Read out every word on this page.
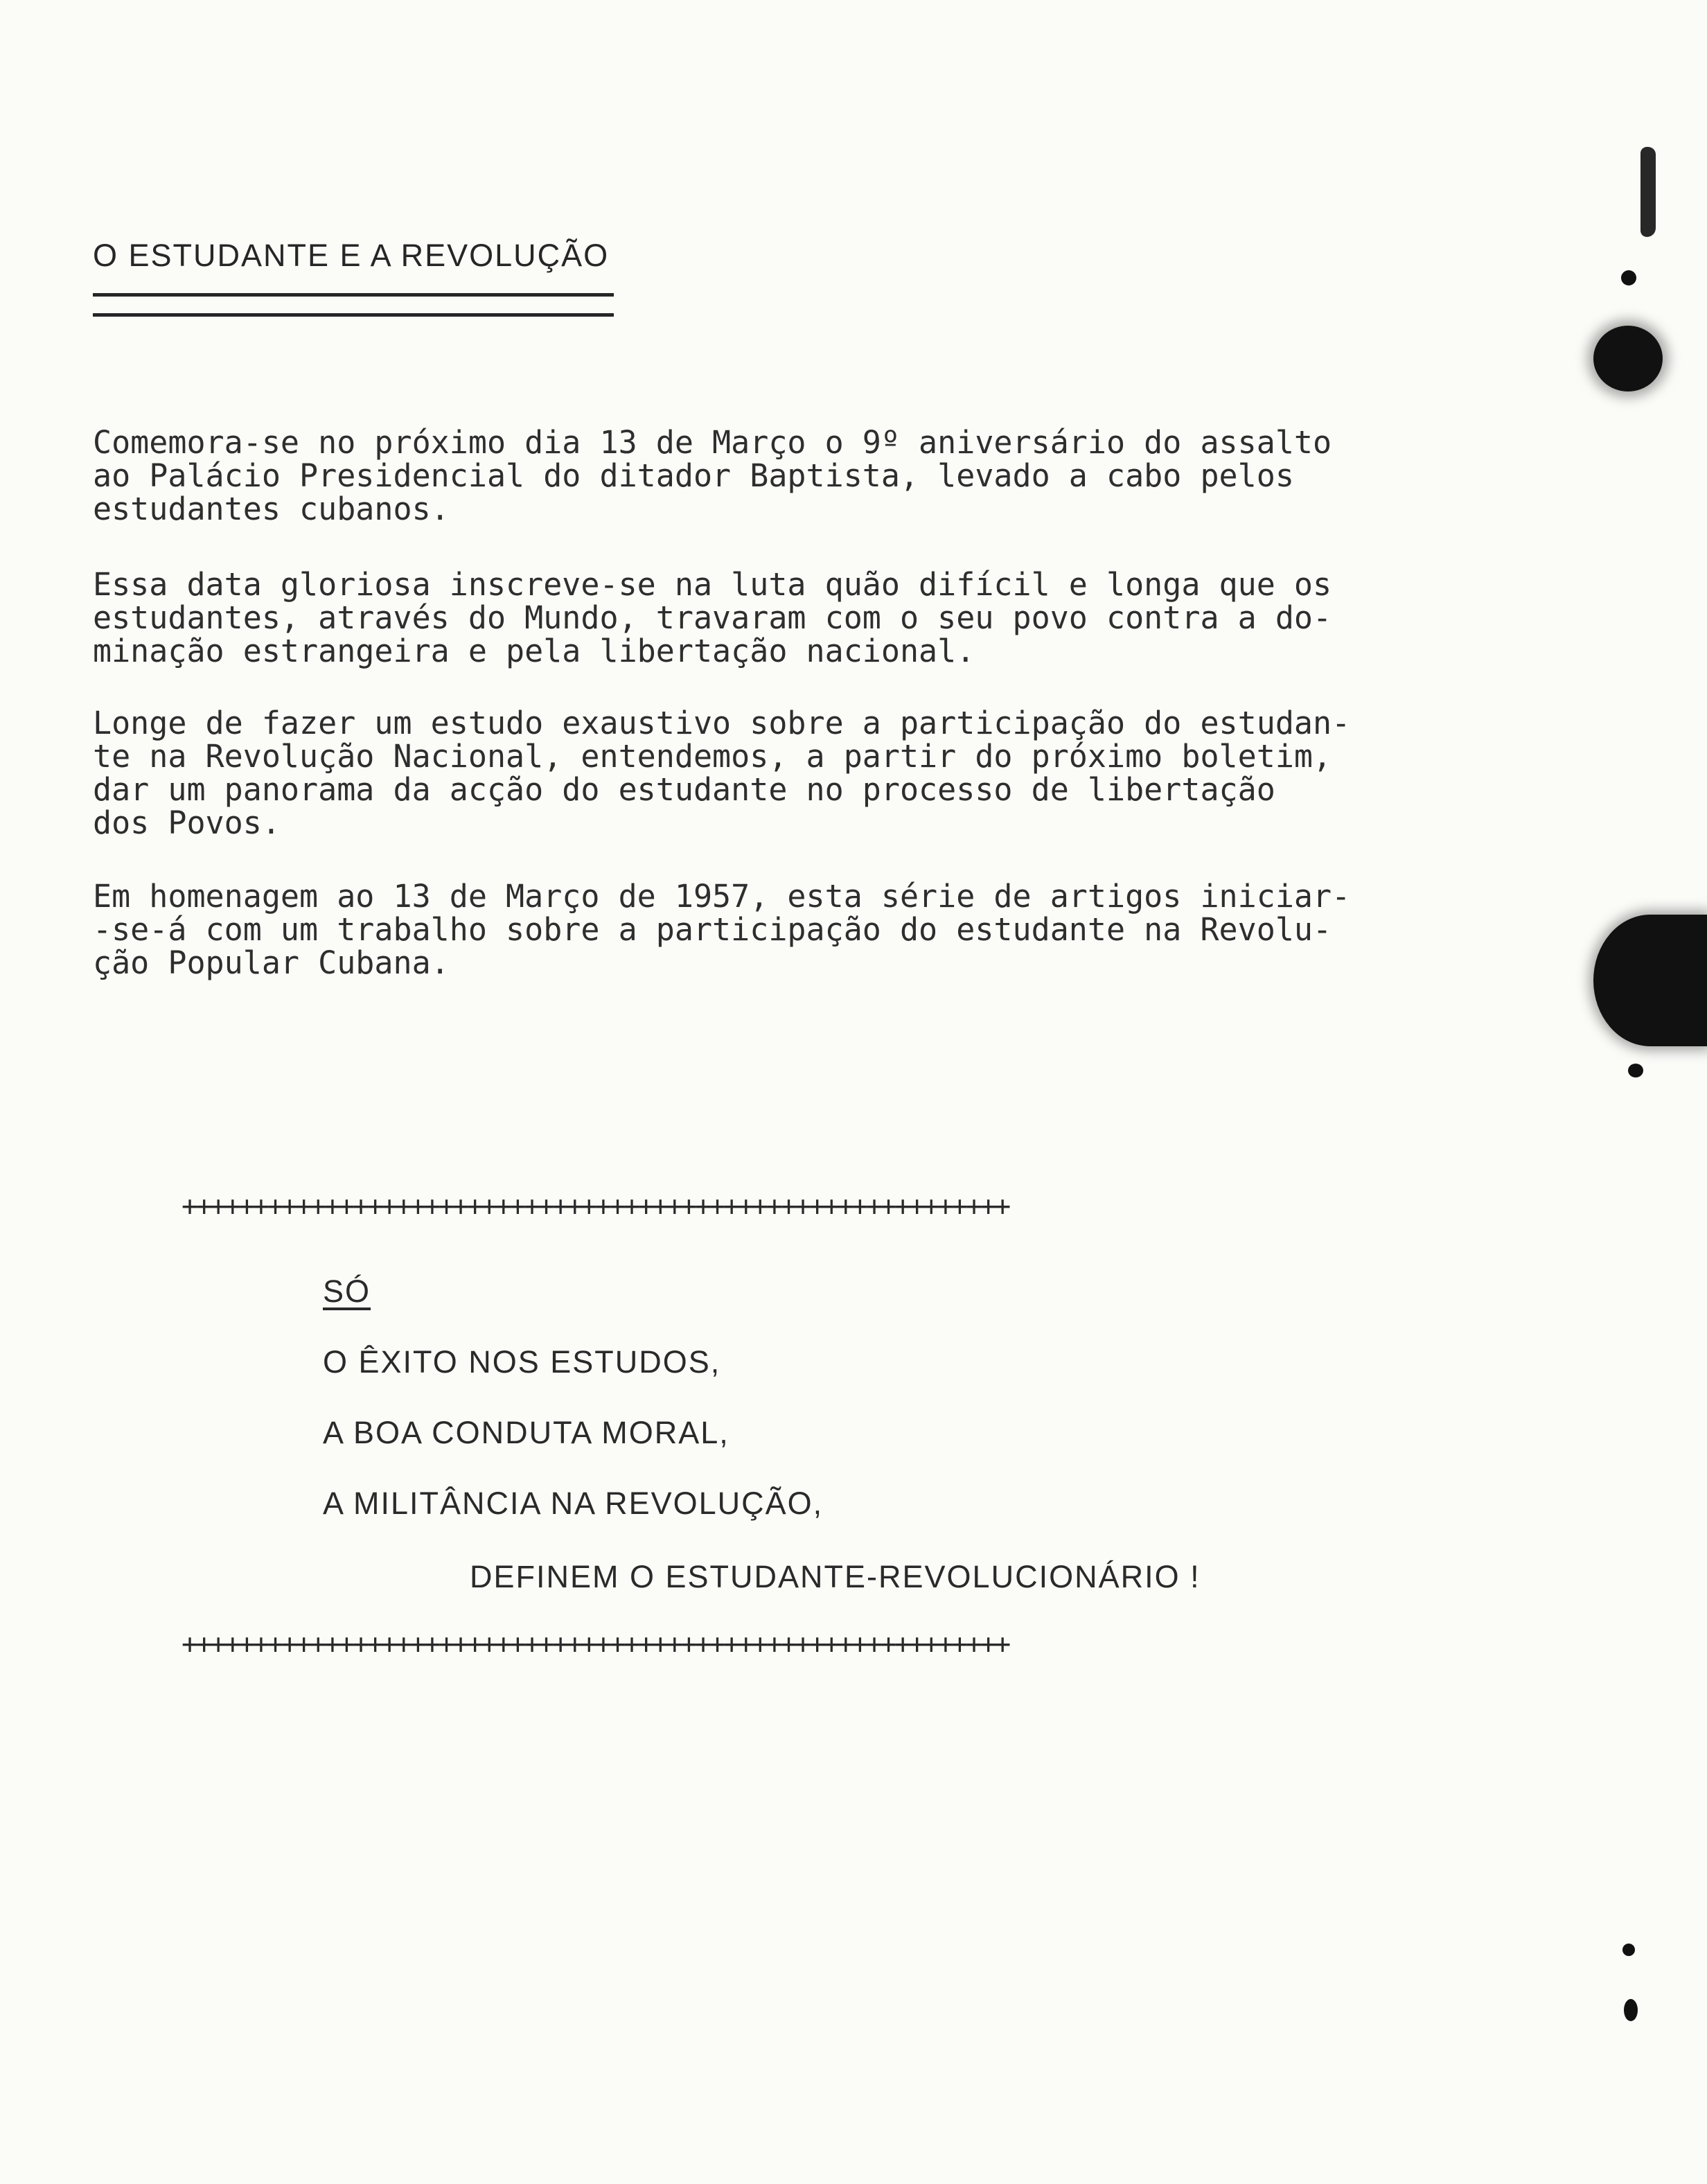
O ESTUDANTE E A REVOLUÇÃO
Comemora-se no próximo dia 13 de Março o 9º aniversário do assalto
ao Palácio Presidencial do ditador Baptista, levado a cabo pelos
estudantes cubanos.
Essa data gloriosa inscreve-se na luta quão difícil e longa que os
estudantes, através do Mundo, travaram com o seu povo contra a do-
minação estrangeira e pela libertação nacional.
Longe de fazer um estudo exaustivo sobre a participação do estudan-
te na Revolução Nacional, entendemos, a partir do próximo boletim,
dar um panorama da acção do estudante no processo de libertação
dos Povos.
Em homenagem ao 13 de Março de 1957, esta série de artigos iniciar-
-se-á com um trabalho sobre a participação do estudante na Revolu-
ção Popular Cubana.
++++++++++++++++++++++++++++++++++++++++++++++++++++++++++
SÓ
O ÊXITO NOS ESTUDOS,
A BOA CONDUTA MORAL,
A MILITÂNCIA NA REVOLUÇÃO,
DEFINEM O ESTUDANTE-REVOLUCIONÁRIO !
++++++++++++++++++++++++++++++++++++++++++++++++++++++++++
